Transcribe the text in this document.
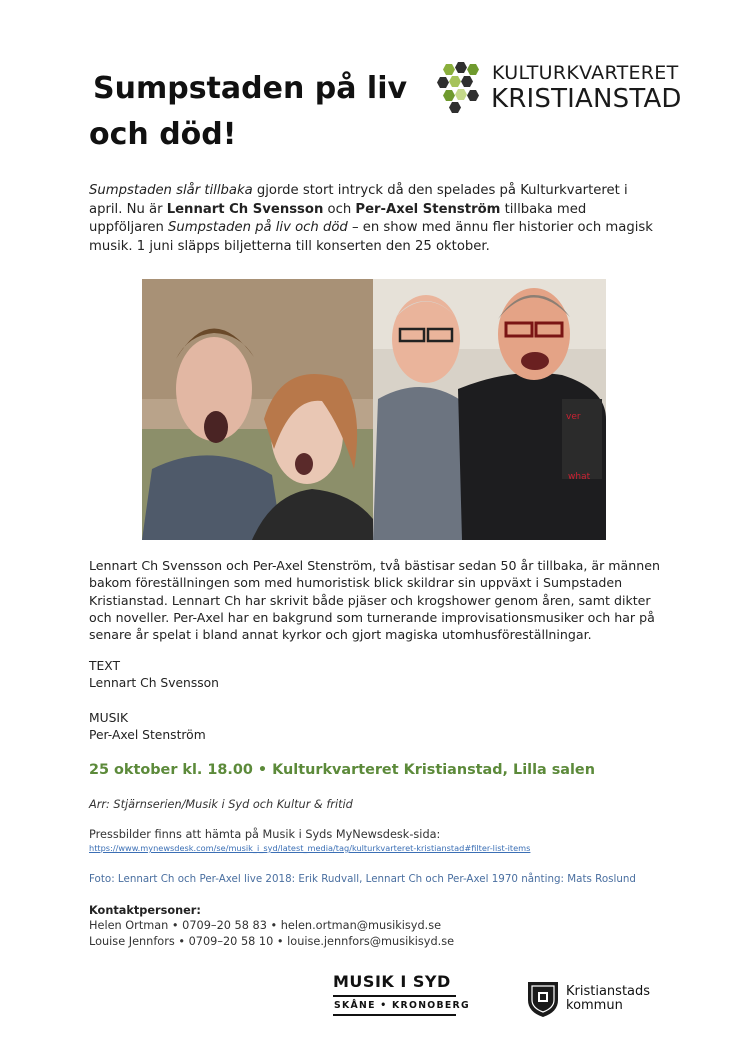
Sumpstaden på liv
och död!
KULTURKVARTERET
KRISTIANSTAD

Sumpstaden slår tillbaka gjorde stort intryck då den spelades på Kulturkvarteret i april. Nu är Lennart Ch Svensson och Per-Axel Stenström tillbaka med uppföljaren Sumpstaden på liv och död – en show med ännu fler historier och magisk musik. 1 juni släpps biljetterna till konserten den 25 oktober.

ver
what

Lennart Ch Svensson och Per-Axel Stenström, två bästisar sedan 50 år tillbaka, är männen bakom föreställningen som med humoristisk blick skildrar sin uppväxt i Sumpstaden Kristianstad. Lennart Ch har skrivit både pjäser och krogshower genom åren, samt dikter och noveller. Per-Axel har en bakgrund som turnerande improvisationsmusiker och har på senare år spelat i bland annat kyrkor och gjort magiska utomhusföreställningar.

TEXT
Lennart Ch Svensson
MUSIK
Per-Axel Stenström
25 oktober kl. 18.00 • Kulturkvarteret Kristianstad, Lilla salen
Arr: Stjärnserien/Musik i Syd och Kultur & fritid
Pressbilder finns att hämta på Musik i Syds MyNewsdesk-sida:
https://www.mynewsdesk.com/se/musik_i_syd/latest_media/tag/kulturkvarteret-kristianstad#filter-list-items
Foto: Lennart Ch och Per-Axel live 2018: Erik Rudvall, Lennart Ch och Per-Axel 1970 nånting: Mats Roslund
Kontaktpersoner:
Helen Ortman • 0709–20 58 83 • helen.ortman@musikisyd.se
Louise Jennfors • 0709–20 58 10 • louise.jennfors@musikisyd.se
MUSIK I SYD
SKÅNE • KRONOBERG
Kristianstads
kommun
